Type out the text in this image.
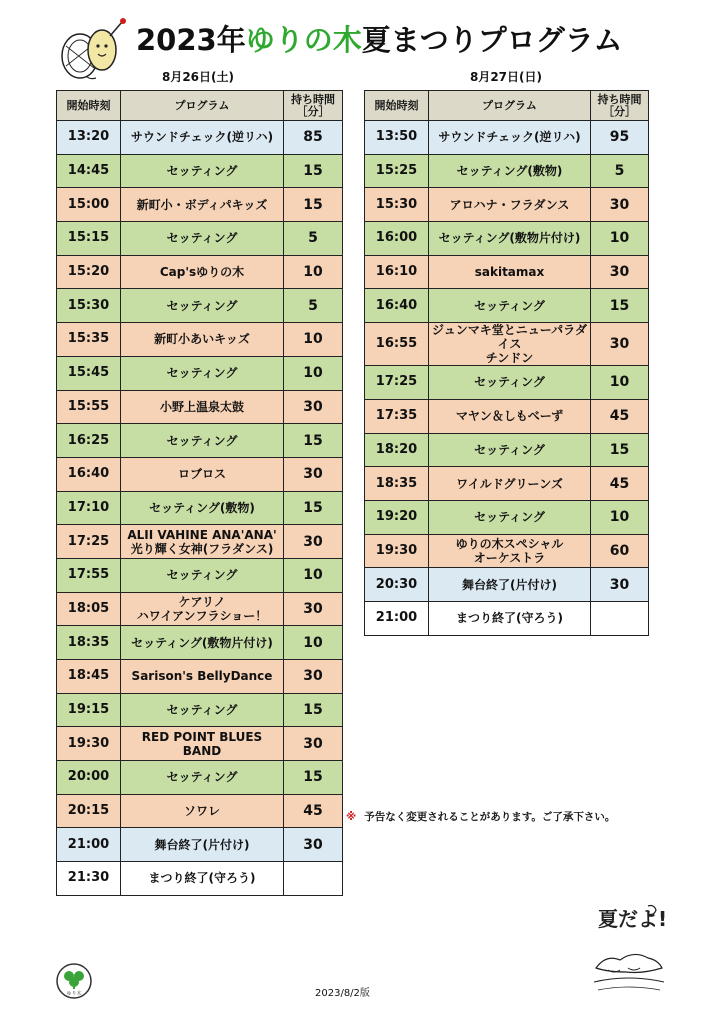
2023年ゆりの木夏まつりプログラム
8月26日(土)	8月27日(日)
開始時刻	プログラム	持ち時間
［分］
13:20	サウンドチェック(逆リハ)	85
14:45	セッティング	15
15:00	新町小・ボディパキッズ	15
15:15	セッティング	5
15:20	Cap'sゆりの木	10
15:30	セッティング	5
15:35	新町小あいキッズ	10
15:45	セッティング	10
15:55	小野上温泉太鼓	30
16:25	セッティング	15
16:40	ロブロス	30
17:10	セッティング(敷物)	15
17:25	ALII VAHINE ANA'ANA'
光り輝く女神(フラダンス)	30
17:55	セッティング	10
18:05	ケアリノ
ハワイアンフラショー！	30
18:35	セッティング(敷物片付け)	10
18:45	Sarison's BellyDance	30
19:15	セッティング	15
19:30	RED POINT BLUES BAND	30
20:00	セッティング	15
20:15	ソワレ	45
21:00	舞台終了(片付け)	30
21:30	まつり終了(守ろう)	
開始時刻	プログラム	持ち時間
［分］
13:50	サウンドチェック(逆リハ)	95
15:25	セッティング(敷物)	5
15:30	アロハナ・フラダンス	30
16:00	セッティング(敷物片付け)	10
16:10	sakitamax	30
16:40	セッティング	15
16:55	ジュンマキ堂とニューパラダイス
チンドン	30
17:25	セッティング	10
17:35	マヤン＆しもべーず	45
18:20	セッティング	15
18:35	ワイルドグリーンズ	45
19:20	セッティング	10
19:30	ゆりの木スペシャル
オーケストラ	60
20:30	舞台終了(片付け)	30
21:00	まつり終了(守ろう)	
※ 予告なく変更されることがあります。ご了承下さい。
2023/8/2版
ゆり木
夏だよ!
